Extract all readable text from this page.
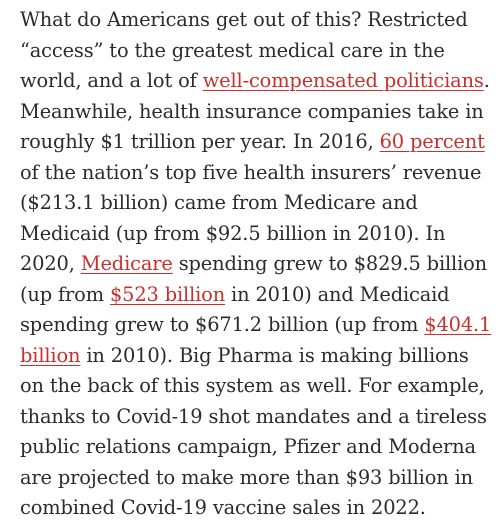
What do Americans get out of this? Restricted “access” to the greatest medical care in the world, and a lot of well-compensated politicians. Meanwhile, health insurance companies take in roughly $1 trillion per year. In 2016, 60 percent of the nation’s top five health insurers’ revenue ($213.1 billion) came from Medicare and Medicaid (up from $92.5 billion in 2010). In 2020, Medicare spending grew to $829.5 billion (up from $523 billion in 2010) and Medicaid spending grew to $671.2 billion (up from $404.1 billion in 2010). Big Pharma is making billions on the back of this system as well. For example, thanks to Covid-19 shot mandates and a tireless public relations campaign, Pfizer and Moderna are projected to make more than $93 billion in combined Covid-19 vaccine sales in 2022.
